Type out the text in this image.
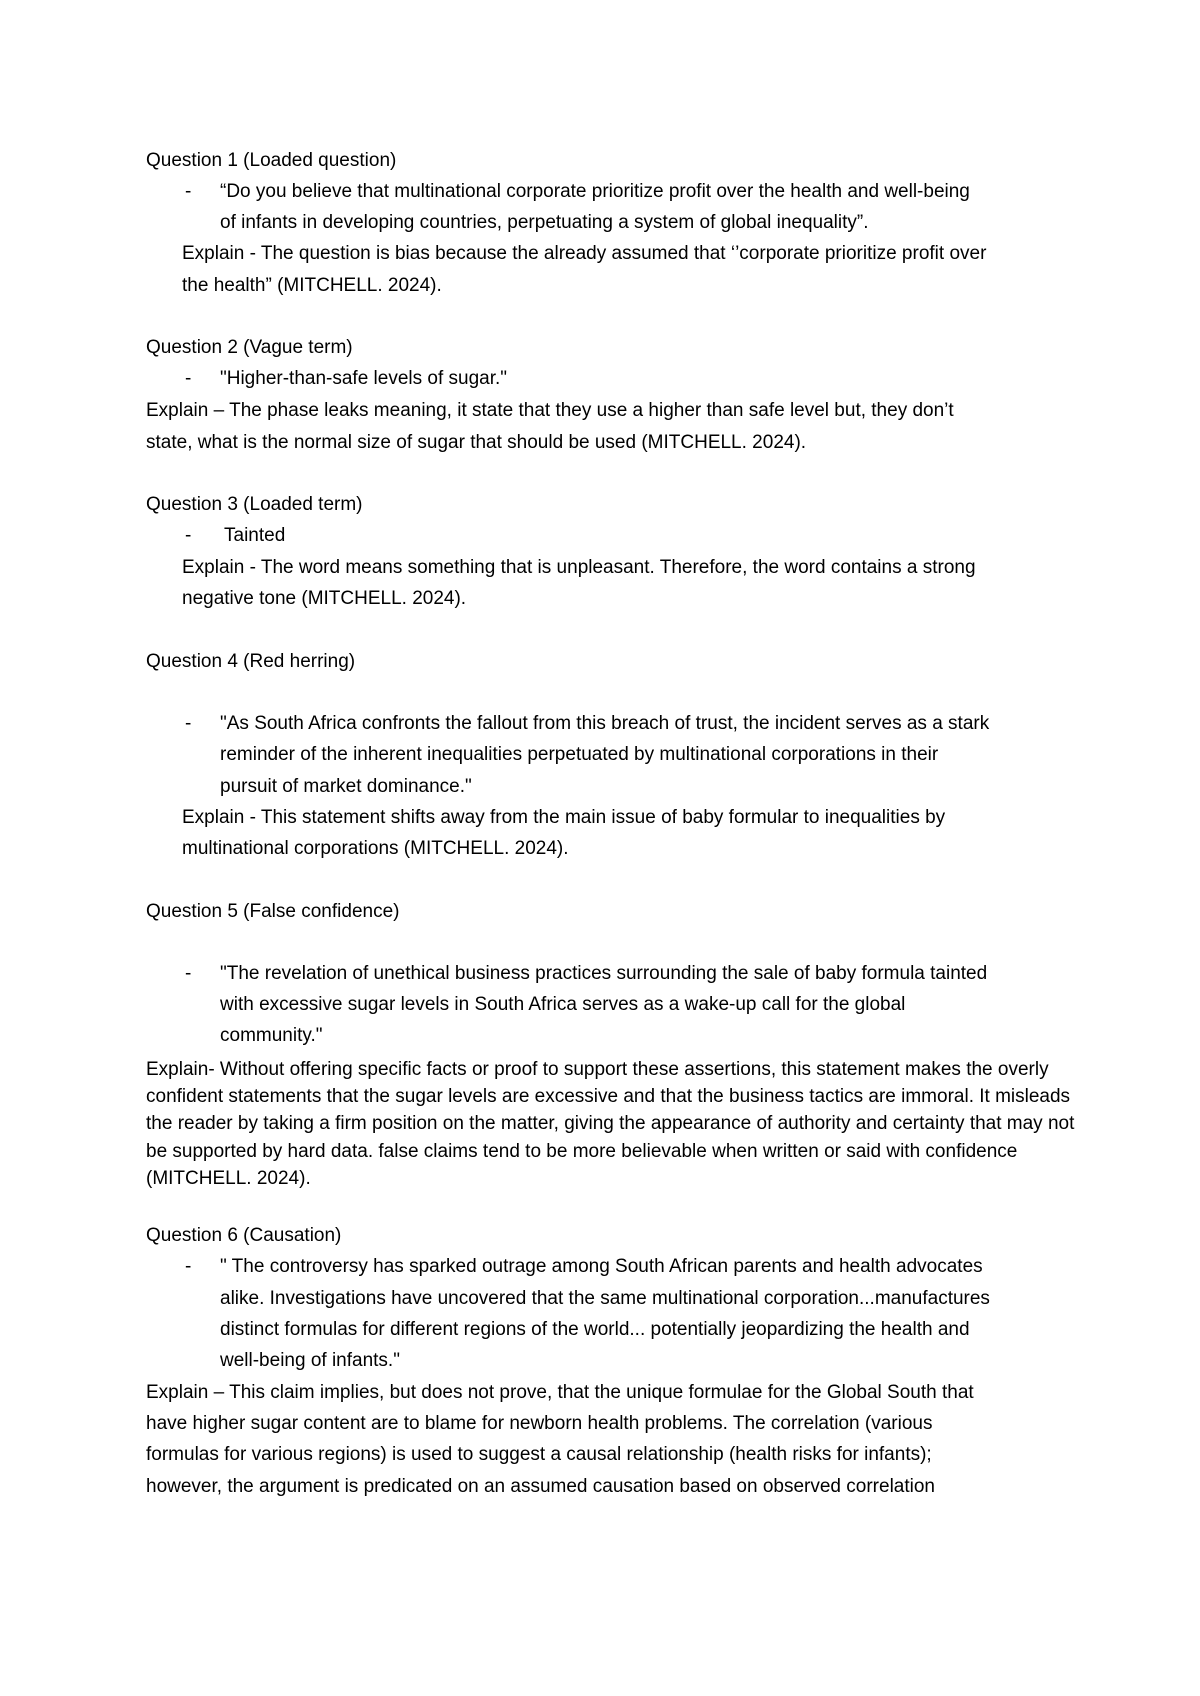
Question 1 (Loaded question)
- “Do you believe that multinational corporate prioritize profit over the health and well-being
of infants in developing countries, perpetuating a system of global inequality”.
Explain - The question is bias because the already assumed that ‘’corporate prioritize profit over
the health” (MITCHELL. 2024).
Question 2 (Vague term)
- "Higher-than-safe levels of sugar."
Explain – The phase leaks meaning, it state that they use a higher than safe level but, they don’t
state, what is the normal size of sugar that should be used (MITCHELL. 2024).
Question 3 (Loaded term)
- Tainted
Explain - The word means something that is unpleasant. Therefore, the word contains a strong
negative tone (MITCHELL. 2024).
Question 4 (Red herring)
- "As South Africa confronts the fallout from this breach of trust, the incident serves as a stark
reminder of the inherent inequalities perpetuated by multinational corporations in their
pursuit of market dominance."
Explain - This statement shifts away from the main issue of baby formular to inequalities by
multinational corporations (MITCHELL. 2024).
Question 5 (False confidence)
- "The revelation of unethical business practices surrounding the sale of baby formula tainted
with excessive sugar levels in South Africa serves as a wake-up call for the global
community."
Explain- Without offering specific facts or proof to support these assertions, this statement makes the overly confident statements that the sugar levels are excessive and that the business tactics are immoral. It misleads the reader by taking a firm position on the matter, giving the appearance of authority and certainty that may not be supported by hard data. false claims tend to be more believable when written or said with confidence (MITCHELL. 2024).
Question 6 (Causation)
- " The controversy has sparked outrage among South African parents and health advocates
alike. Investigations have uncovered that the same multinational corporation...manufactures
distinct formulas for different regions of the world... potentially jeopardizing the health and
well-being of infants."
Explain – This claim implies, but does not prove, that the unique formulae for the Global South that
have higher sugar content are to blame for newborn health problems. The correlation (various
formulas for various regions) is used to suggest a causal relationship (health risks for infants);
however, the argument is predicated on an assumed causation based on observed correlation
